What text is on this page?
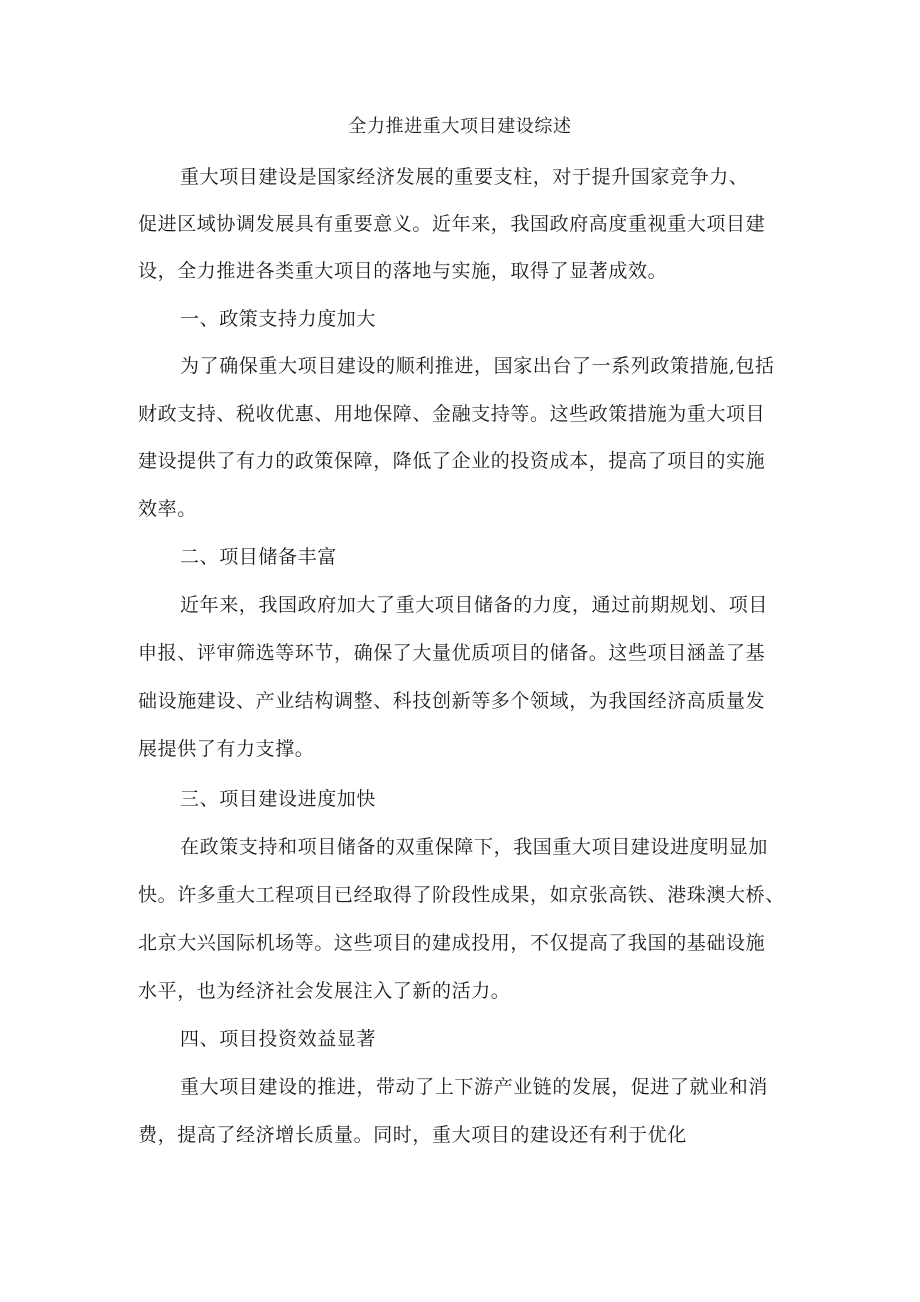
全力推进重大项目建设综述
重大项目建设是国家经济发展的重要支柱，对于提升国家竞争力、
促进区域协调发展具有重要意义。近年来，我国政府高度重视重大项目建
设，全力推进各类重大项目的落地与实施，取得了显著成效。
一、政策支持力度加大
为了确保重大项目建设的顺利推进，国家出台了一系列政策措施,包括
财政支持、税收优惠、用地保障、金融支持等。这些政策措施为重大项目
建设提供了有力的政策保障，降低了企业的投资成本，提高了项目的实施
效率。
二、项目储备丰富
近年来，我国政府加大了重大项目储备的力度，通过前期规划、项目
申报、评审筛选等环节，确保了大量优质项目的储备。这些项目涵盖了基
础设施建设、产业结构调整、科技创新等多个领域，为我国经济高质量发
展提供了有力支撑。
三、项目建设进度加快
在政策支持和项目储备的双重保障下，我国重大项目建设进度明显加
快。许多重大工程项目已经取得了阶段性成果，如京张高铁、港珠澳大桥、
北京大兴国际机场等。这些项目的建成投用，不仅提高了我国的基础设施
水平，也为经济社会发展注入了新的活力。
四、项目投资效益显著
重大项目建设的推进，带动了上下游产业链的发展，促进了就业和消
费，提高了经济增长质量。同时，重大项目的建设还有利于优化
